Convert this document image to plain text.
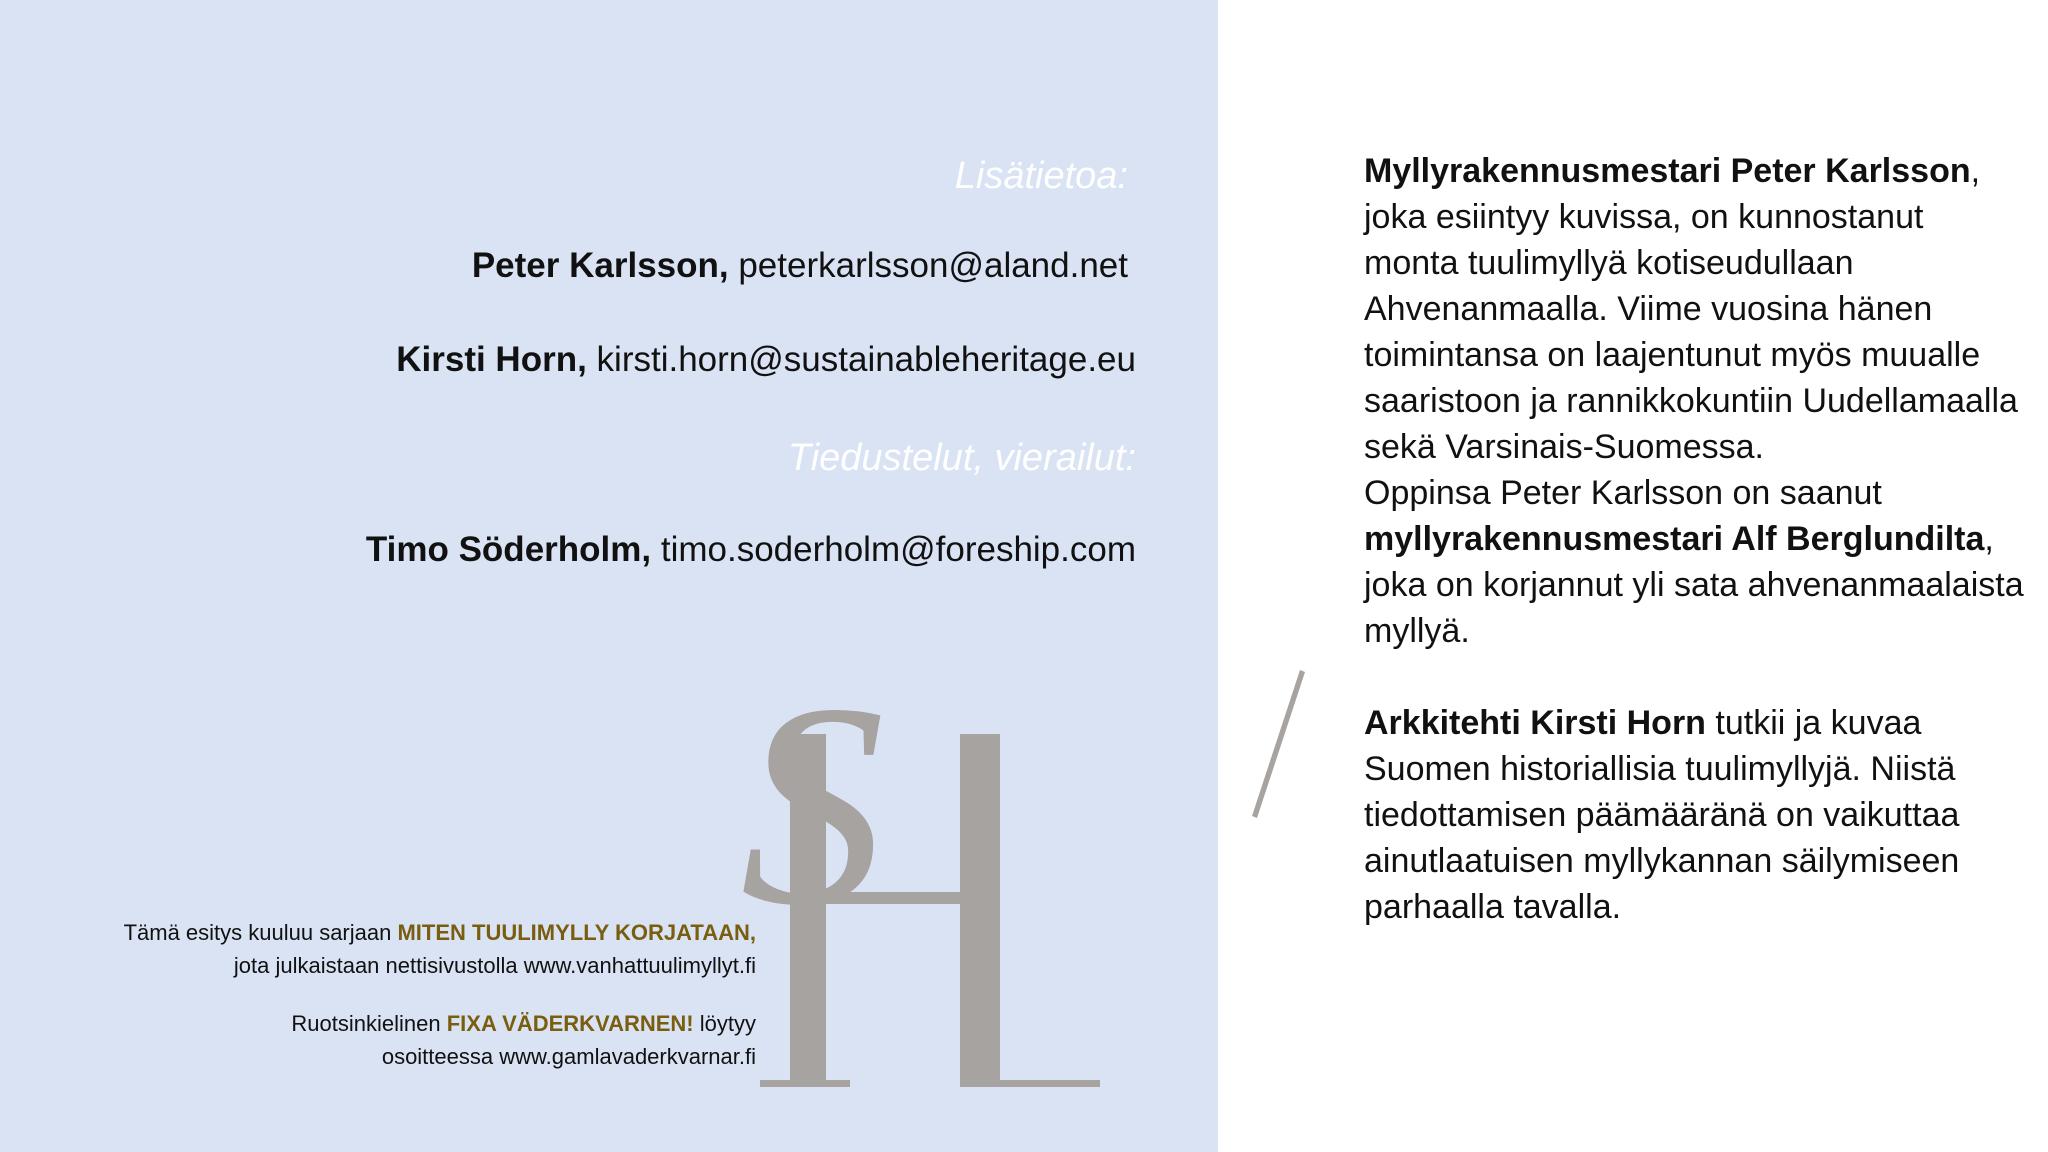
Lisätietoa:
Peter Karlsson, peterkarlsson@aland.net
Kirsti Horn, kirsti.horn@sustainableheritage.eu
Tiedustelut, vierailut:
Timo Söderholm, timo.soderholm@foreship.com
Tämä esitys kuuluu sarjaan MITEN TUULIMYLLY KORJATAAN,
jota julkaistaan nettisivustolla www.vanhattuulimyllyt.fi
Ruotsinkielinen FIXA VÄDERKVARNEN! löytyy
osoitteessa www.gamlavaderkvarnar.fi
S

Myllyrakennusmestari Peter Karlsson, joka esiintyy kuvissa, on kunnostanut monta tuulimyllyä kotiseudullaan Ahvenanmaalla. Viime vuosina hänen toimintansa on laajentunut myös muualle saaristoon ja rannikkokuntiin Uudellamaalla sekä Varsinais-Suomessa.

Oppinsa Peter Karlsson on saanut myllyrakennusmestari Alf Berglundilta, joka on korjannut yli sata ahvenanmaalaista myllyä.

Arkkitehti Kirsti Horn tutkii ja kuvaa Suomen historiallisia tuulimyllyjä. Niistä tiedottamisen päämääränä on vaikuttaa ainutlaatuisen myllykannan säilymiseen parhaalla tavalla.
